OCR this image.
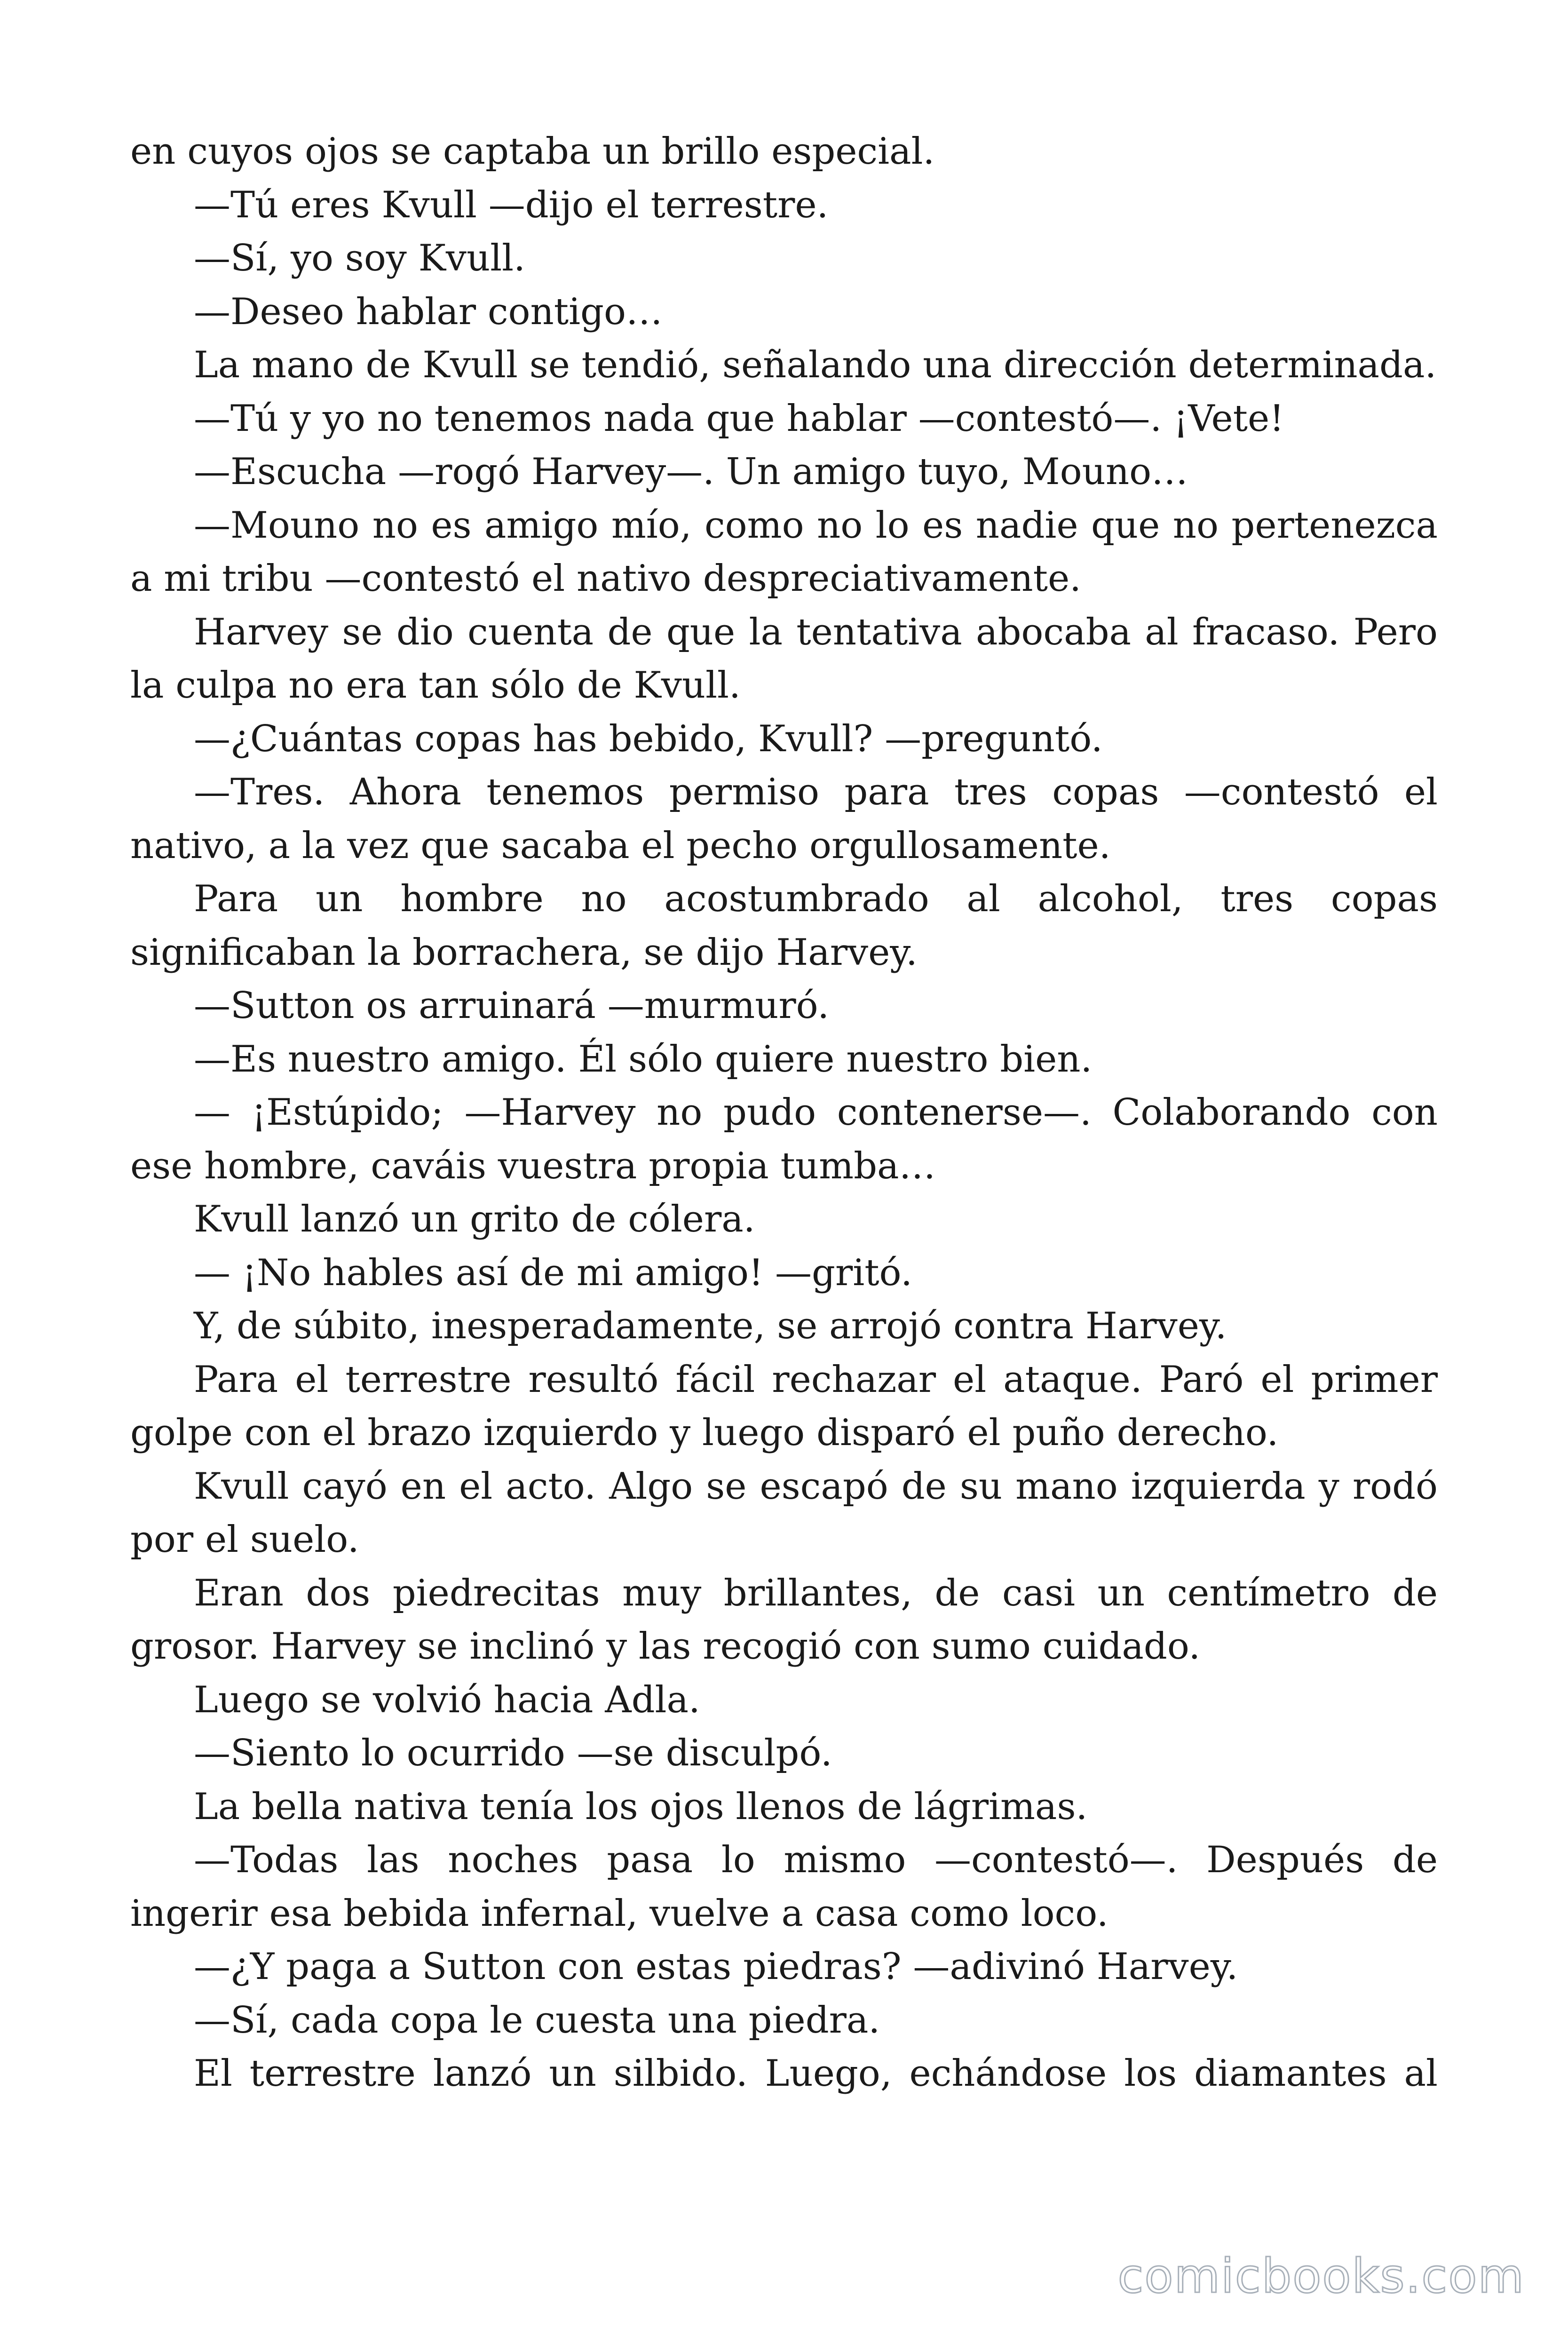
en cuyos ojos se captaba un brillo especial.

—Tú eres Kvull —dijo el terrestre.

—Sí, yo soy Kvull.

—Deseo hablar contigo…

La mano de Kvull se tendió, señalando una dirección determinada.

—Tú y yo no tenemos nada que hablar —contestó—. ¡Vete!

—Escucha —rogó Harvey—. Un amigo tuyo, Mouno…

—Mouno no es amigo mío, como no lo es nadie que no pertenezca a mi tribu —contestó el nativo despreciativamente.

Harvey se dio cuenta de que la tentativa abocaba al fracaso. Pero la culpa no era tan sólo de Kvull.

—¿Cuántas copas has bebido, Kvull? —preguntó.

—Tres. Ahora tenemos permiso para tres copas —contestó el nativo, a la vez que sacaba el pecho orgullosamente.

Para un hombre no acostumbrado al alcohol, tres copas significaban la borrachera, se dijo Harvey.

—Sutton os arruinará —murmuró.

—Es nuestro amigo. Él sólo quiere nuestro bien.

— ¡Estúpido; —Harvey no pudo contenerse—. Colaborando con ese hombre, caváis vuestra propia tumba…

Kvull lanzó un grito de cólera.

— ¡No hables así de mi amigo! —gritó.

Y, de súbito, inesperadamente, se arrojó contra Harvey.

Para el terrestre resultó fácil rechazar el ataque. Paró el primer golpe con el brazo izquierdo y luego disparó el puño derecho.

Kvull cayó en el acto. Algo se escapó de su mano izquierda y rodó por el suelo.

Eran dos piedrecitas muy brillantes, de casi un centímetro de grosor. Harvey se inclinó y las recogió con sumo cuidado.

Luego se volvió hacia Adla.

—Siento lo ocurrido —se disculpó.

La bella nativa tenía los ojos llenos de lágrimas.

—Todas las noches pasa lo mismo —contestó—. Después de ingerir esa bebida infernal, vuelve a casa como loco.

—¿Y paga a Sutton con estas piedras? —adivinó Harvey.

—Sí, cada copa le cuesta una piedra.

El terrestre lanzó un silbido. Luego, echándose los diamantes al

comicbooks.com
